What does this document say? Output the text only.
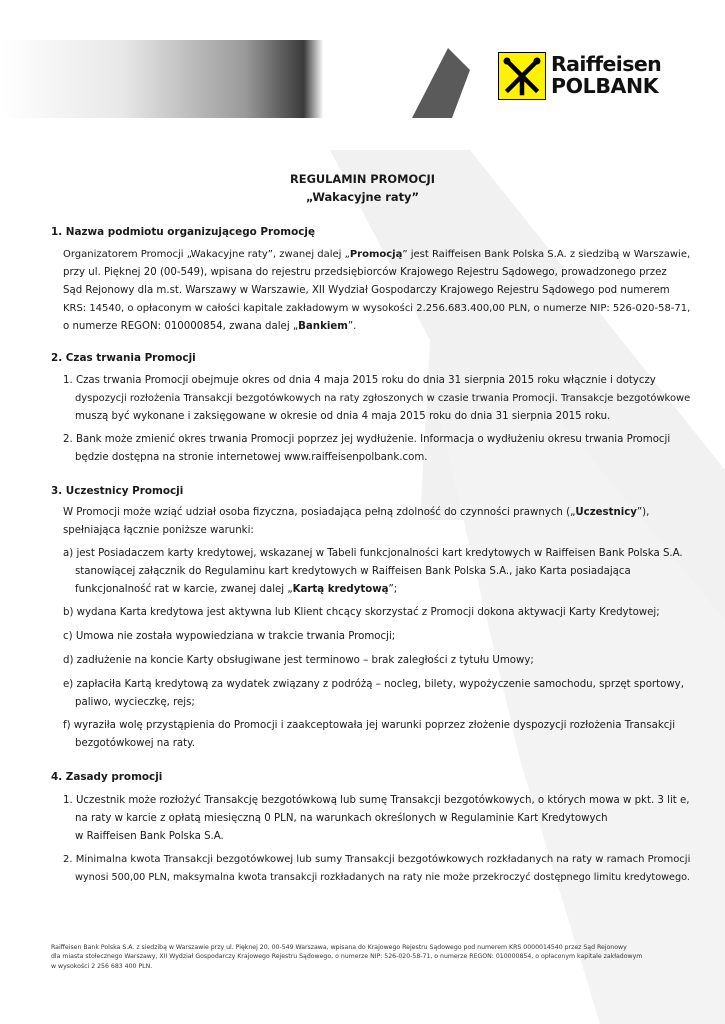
Raiffeisen
POLBANK
REGULAMIN PROMOCJI
„Wakacyjne raty”
1. Nazwa podmiotu organizującego Promocję
Organizatorem Promocji „Wakacyjne raty”, zwanej dalej „Promocją” jest Raiffeisen Bank Polska S.A. z siedzibą w Warszawie,
przy ul. Pięknej 20 (00-549), wpisana do rejestru przedsiębiorców Krajowego Rejestru Sądowego, prowadzonego przez
Sąd Rejonowy dla m.st. Warszawy w Warszawie, XII Wydział Gospodarczy Krajowego Rejestru Sądowego pod numerem
KRS: 14540, o opłaconym w całości kapitale zakładowym w wysokości 2.256.683.400,00 PLN, o numerze NIP: 526-020-58-71,
o numerze REGON: 010000854, zwana dalej „Bankiem”.
2. Czas trwania Promocji
1. Czas trwania Promocji obejmuje okres od dnia 4 maja 2015 roku do dnia 31 sierpnia 2015 roku włącznie i dotyczy
dyspozycji rozłożenia Transakcji bezgotówkowych na raty zgłoszonych w czasie trwania Promocji. Transakcje bezgotówkowe
muszą być wykonane i zaksięgowane w okresie od dnia 4 maja 2015 roku do dnia 31 sierpnia 2015 roku.
2. Bank może zmienić okres trwania Promocji poprzez jej wydłużenie. Informacja o wydłużeniu okresu trwania Promocji
będzie dostępna na stronie internetowej www.raiffeisenpolbank.com.
3. Uczestnicy Promocji
W Promocji może wziąć udział osoba fizyczna, posiadająca pełną zdolność do czynności prawnych („Uczestnicy”),
spełniająca łącznie poniższe warunki:
a) jest Posiadaczem karty kredytowej, wskazanej w Tabeli funkcjonalności kart kredytowych w Raiffeisen Bank Polska S.A.
stanowiącej załącznik do Regulaminu kart kredytowych w Raiffeisen Bank Polska S.A., jako Karta posiadająca
funkcjonalność rat w karcie, zwanej dalej „Kartą kredytową”;
b) wydana Karta kredytowa jest aktywna lub Klient chcący skorzystać z Promocji dokona aktywacji Karty Kredytowej;
c) Umowa nie została wypowiedziana w trakcie trwania Promocji;
d) zadłużenie na koncie Karty obsługiwane jest terminowo – brak zaległości z tytułu Umowy;
e) zapłaciła Kartą kredytową za wydatek związany z podróżą – nocleg, bilety, wypożyczenie samochodu, sprzęt sportowy,
paliwo, wycieczkę, rejs;
f) wyraziła wolę przystąpienia do Promocji i zaakceptowała jej warunki poprzez złożenie dyspozycji rozłożenia Transakcji
bezgotówkowej na raty.
4. Zasady promocji
1. Uczestnik może rozłożyć Transakcję bezgotówkową lub sumę Transakcji bezgotówkowych, o których mowa w pkt. 3 lit e,
na raty w karcie z opłatą miesięczną 0 PLN, na warunkach określonych w Regulaminie Kart Kredytowych
w Raiffeisen Bank Polska S.A.
2. Minimalna kwota Transakcji bezgotówkowej lub sumy Transakcji bezgotówkowych rozkładanych na raty w ramach Promocji
wynosi 500,00 PLN, maksymalna kwota transakcji rozkładanych na raty nie może przekroczyć dostępnego limitu kredytowego.
Raiffeisen Bank Polska S.A. z siedzibą w Warszawie przy ul. Pięknej 20, 00-549 Warszawa, wpisana do Krajowego Rejestru Sądowego pod numerem KRS 0000014540 przez Sąd Rejonowy
dla miasta stołecznego Warszawy, XII Wydział Gospodarczy Krajowego Rejestru Sądowego, o numerze NIP: 526-020-58-71, o numerze REGON: 010000854, o opłaconym kapitale zakładowym
w wysokości 2 256 683 400 PLN.
